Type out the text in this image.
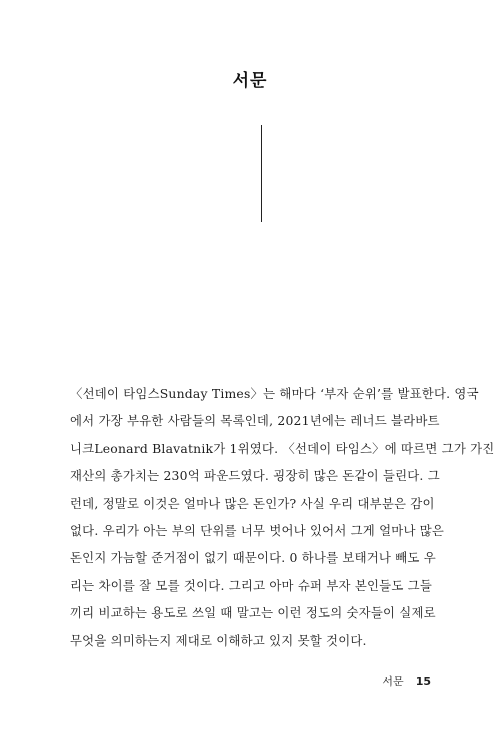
서문
〈선데이 타임스Sunday Times〉는 해마다 ‘부자 순위’를 발표한다. 영국
에서 가장 부유한 사람들의 목록인데, 2021년에는 레너드 블라바트
니크Leonard Blavatnik가 1위였다. 〈선데이 타임스〉에 따르면 그가 가진
재산의 총가치는 230억 파운드였다. 굉장히 많은 돈같이 들린다. 그
런데, 정말로 이것은 얼마나 많은 돈인가? 사실 우리 대부분은 감이
없다. 우리가 아는 부의 단위를 너무 벗어나 있어서 그게 얼마나 많은
돈인지 가늠할 준거점이 없기 때문이다. 0 하나를 보태거나 빼도 우
리는 차이를 잘 모를 것이다. 그리고 아마 슈퍼 부자 본인들도 그들
끼리 비교하는 용도로 쓰일 때 말고는 이런 정도의 숫자들이 실제로
무엇을 의미하는지 제대로 이해하고 있지 못할 것이다.
서문 15
